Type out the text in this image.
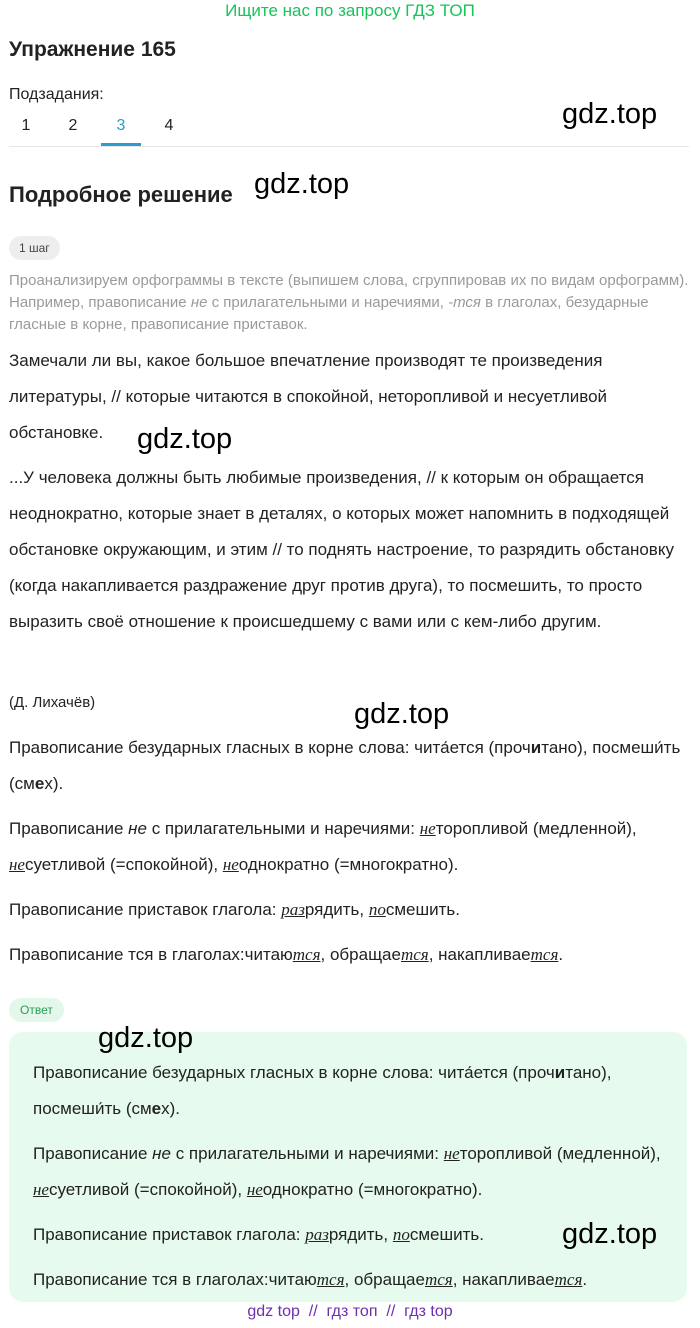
Ищите нас по запросу ГДЗ ТОП
Упражнение 165
Подзадания:
1	2	3	4	gdz.top
Подробное решение gdz.top
1 шаг
Проанализируем орфограммы в тексте (выпишем слова, сгруппировав их по видам орфограмм). Например, правописание не с прилагательными и наречиями, -тся в глаголах, безударные гласные в корне, правописание приставок.
Замечали ли вы, какое большое впечатление производят те произведения литературы, // которые читаются в спокойной, неторопливой и несуетливой обстановке.	gdz.top
...У человека должны быть любимые произведения, // к которым он обращается неоднократно, которые знает в деталях, о которых может напомнить в подходящей обстановке окружающим, и этим // то поднять настроение, то разрядить обстановку (когда накапливается раздражение друг против друга), то посмешить, то просто выразить своё отношение к происшедшему с вами или с кем-либо другим.
(Д. Лихачёв)	gdz.top
Правописание безударных гласных в корне слова: чита́ется (прочитано), посмеши́ть (смех).
Правописание не с прилагательными и наречиями: неторопливой (медленной), несуетливой (=спокойной), неоднократно (=многократно).
Правописание приставок глагола: разрядить, посмешить.
Правописание тся в глаголах:читаются, обращается, накапливается.
Ответ
gdz.top
Правописание безударных гласных в корне слова: чита́ется (прочитано), посмеши́ть (смех).
Правописание не с прилагательными и наречиями: неторопливой (медленной), несуетливой (=спокойной), неоднократно (=многократно).
Правописание приставок глагола: разрядить, посмешить.	gdz.top
Правописание тся в глаголах:читаются, обращается, накапливается.
gdz top  //  гдз топ  //  гдз top
